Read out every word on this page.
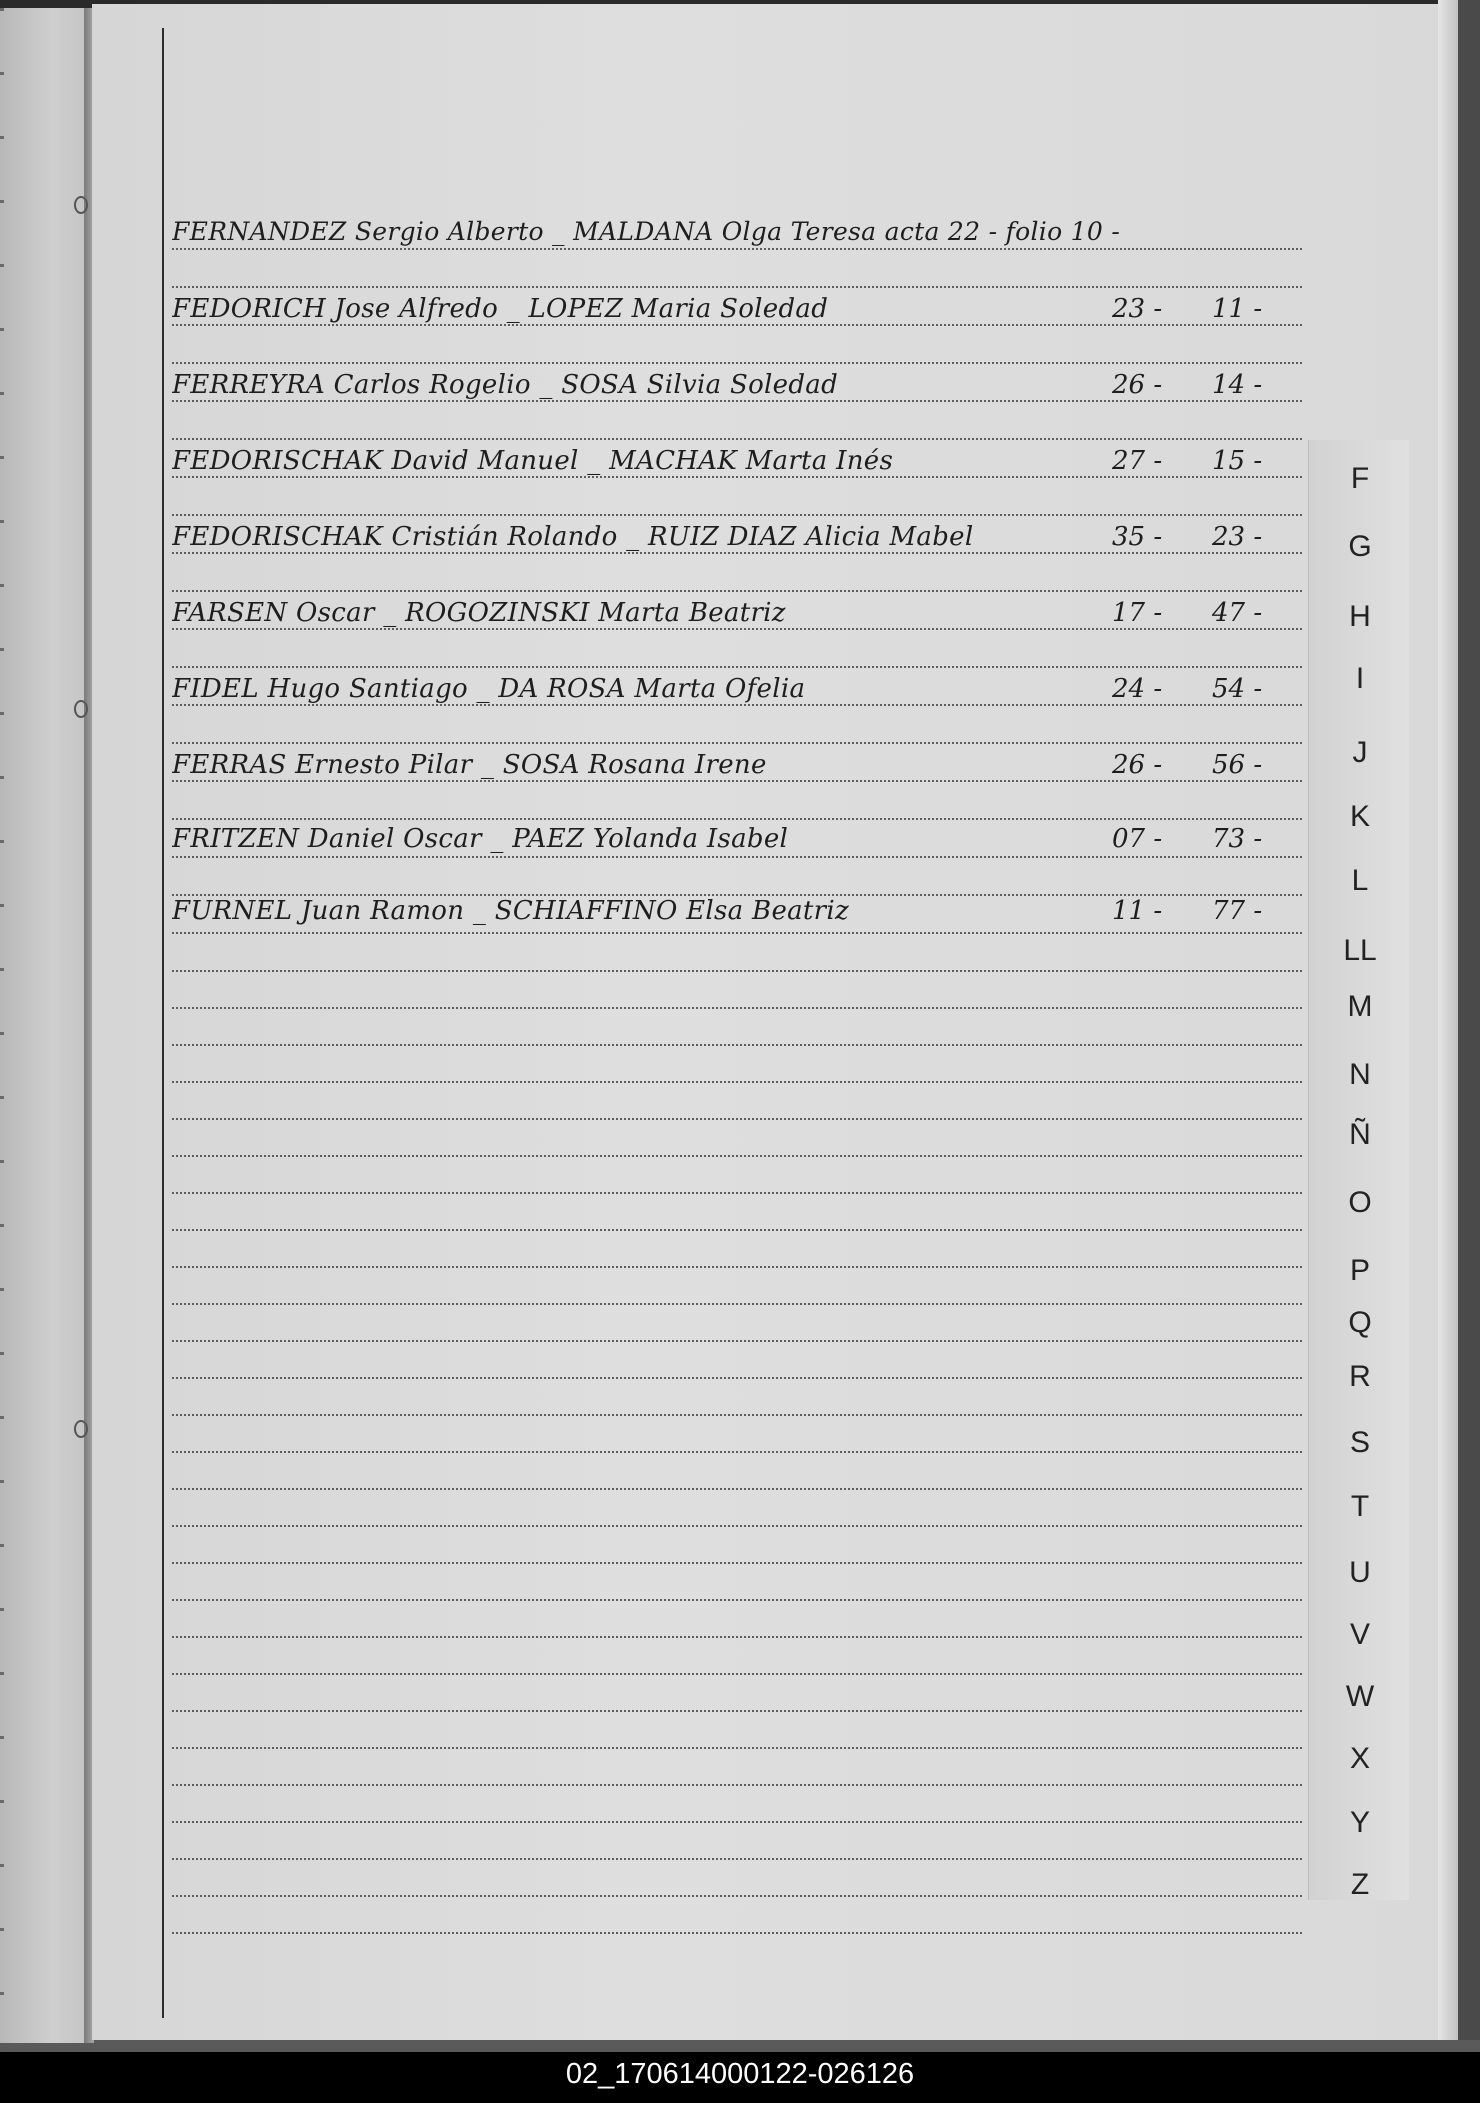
FERNANDEZ Sergio Alberto _ MALDANA Olga Teresa acta 22 - folio 10 -
FEDORICH Jose Alfredo _ LOPEZ Maria Soledad	23 -	11 -
FERREYRA Carlos Rogelio _ SOSA Silvia Soledad	26 -	14 -
FEDORISCHAK David Manuel _ MACHAK Marta Inés	27 -	15 -
FEDORISCHAK Cristián Rolando _ RUIZ DIAZ Alicia Mabel	35 -	23 -
FARSEN Oscar _ ROGOZINSKI Marta Beatriz	17 -	47 -
FIDEL Hugo Santiago _ DA ROSA Marta Ofelia	24 -	54 -
FERRAS Ernesto Pilar _ SOSA Rosana Irene	26 -	56 -
FRITZEN Daniel Oscar _ PAEZ Yolanda Isabel	07 -	73 -
FURNEL Juan Ramon _ SCHIAFFINO Elsa Beatriz	11 -	77 -
F
G
H
I
J
K
L
LL
M
N
Ñ
O
P
Q
R
S
T
U
V
W
X
Y
Z
02_170614000122-026126
